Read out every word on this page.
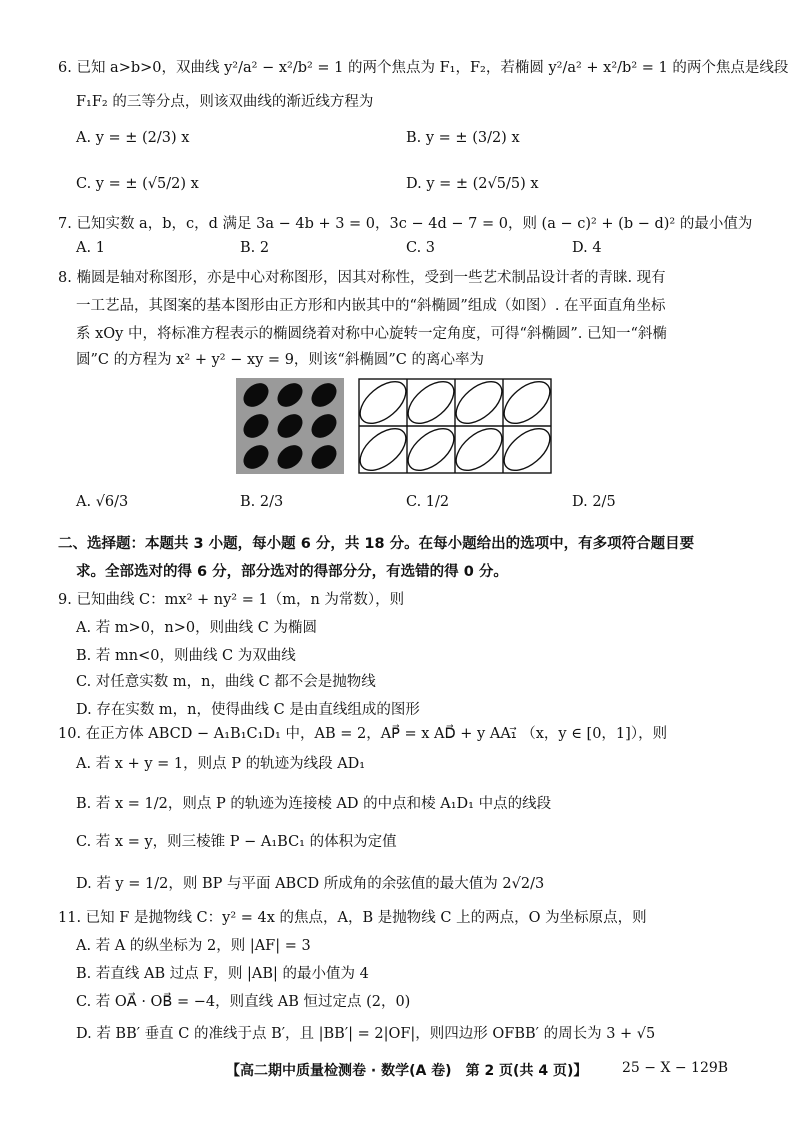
6. 已知 a>b>0，双曲线 y²/a² − x²/b² = 1 的两个焦点为 F₁，F₂，若椭圆 y²/a² + x²/b² = 1 的两个焦点是线段
F₁F₂ 的三等分点，则该双曲线的渐近线方程为
A. y = ± (2/3) x	B. y = ± (3/2) x
C. y = ± (√5/2) x	D. y = ± (2√5/5) x
7. 已知实数 a，b，c，d 满足 3a − 4b + 3 = 0，3c − 4d − 7 = 0，则 (a − c)² + (b − d)² 的最小值为
A. 1	B. 2	C. 3	D. 4
8. 椭圆是轴对称图形，亦是中心对称图形，因其对称性，受到一些艺术制品设计者的青睐. 现有
一工艺品，其图案的基本图形由正方形和内嵌其中的“斜椭圆”组成（如图）. 在平面直角坐标
系 xOy 中，将标准方程表示的椭圆绕着对称中心旋转一定角度，可得“斜椭圆”. 已知一“斜椭
圆”C 的方程为 x² + y² − xy = 9，则该“斜椭圆”C 的离心率为
A. √6/3	B. 2/3	C. 1/2	D. 2/5
二、选择题：本题共 3 小题，每小题 6 分，共 18 分。在每小题给出的选项中，有多项符合题目要
求。全部选对的得 6 分，部分选对的得部分分，有选错的得 0 分。
9. 已知曲线 C：mx² + ny² = 1（m，n 为常数），则
A. 若 m>0，n>0，则曲线 C 为椭圆
B. 若 mn<0，则曲线 C 为双曲线
C. 对任意实数 m，n，曲线 C 都不会是抛物线
D. 存在实数 m，n，使得曲线 C 是由直线组成的图形
10. 在正方体 ABCD − A₁B₁C₁D₁ 中，AB = 2，AP⃗ = x AD⃗ + y AA₁⃗ （x，y ∈ [0，1]），则
A. 若 x + y = 1，则点 P 的轨迹为线段 AD₁
B. 若 x = 1/2，则点 P 的轨迹为连接棱 AD 的中点和棱 A₁D₁ 中点的线段
C. 若 x = y，则三棱锥 P − A₁BC₁ 的体积为定值
D. 若 y = 1/2，则 BP 与平面 ABCD 所成角的余弦值的最大值为 2√2/3
11. 已知 F 是抛物线 C：y² = 4x 的焦点，A，B 是抛物线 C 上的两点，O 为坐标原点，则
A. 若 A 的纵坐标为 2，则 |AF| = 3
B. 若直线 AB 过点 F，则 |AB| 的最小值为 4
C. 若 OA⃗ · OB⃗ = −4，则直线 AB 恒过定点 (2，0)
D. 若 BB′ 垂直 C 的准线于点 B′，且 |BB′| = 2|OF|，则四边形 OFBB′ 的周长为 3 + √5
【高二期中质量检测卷 · 数学(A 卷)　第 2 页(共 4 页)】 25 − X − 129B
